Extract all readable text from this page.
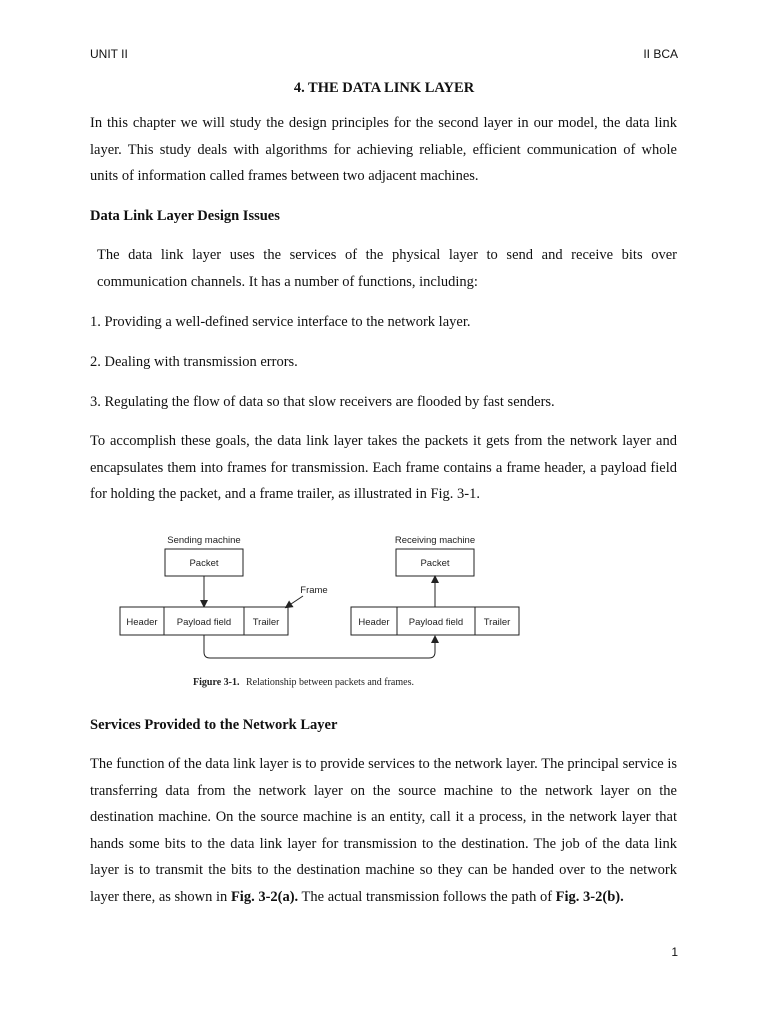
UNIT II	II BCA
4. THE DATA LINK LAYER

In this chapter we will study the design principles for the second layer in our model, the data link layer. This study deals with algorithms for achieving reliable, efficient communication of whole units of information called frames between two adjacent machines.

Data Link Layer Design Issues

The data link layer uses the services of the physical layer to send and receive bits over communication channels. It has a number of functions, including:

1. Providing a well-defined service interface to the network layer.

2. Dealing with transmission errors.

3. Regulating the flow of data so that slow receivers are flooded by fast senders.

To accomplish these goals, the data link layer takes the packets it gets from the network layer and encapsulates them into frames for transmission. Each frame contains a frame header, a payload field for holding the packet, and a frame trailer, as illustrated in Fig. 3-1.

Sending machine
Packet
Header Payload field Trailer
Frame
Receiving machine
Packet
Header Payload field Trailer
Figure 3-1. Relationship between packets and frames.

Services Provided to the Network Layer

The function of the data link layer is to provide services to the network layer. The principal service is transferring data from the network layer on the source machine to the network layer on the destination machine. On the source machine is an entity, call it a process, in the network layer that hands some bits to the data link layer for transmission to the destination. The job of the data link layer is to transmit the bits to the destination machine so they can be handed over to the network layer there, as shown in Fig. 3-2(a). The actual transmission follows the path of Fig. 3-2(b).

1
